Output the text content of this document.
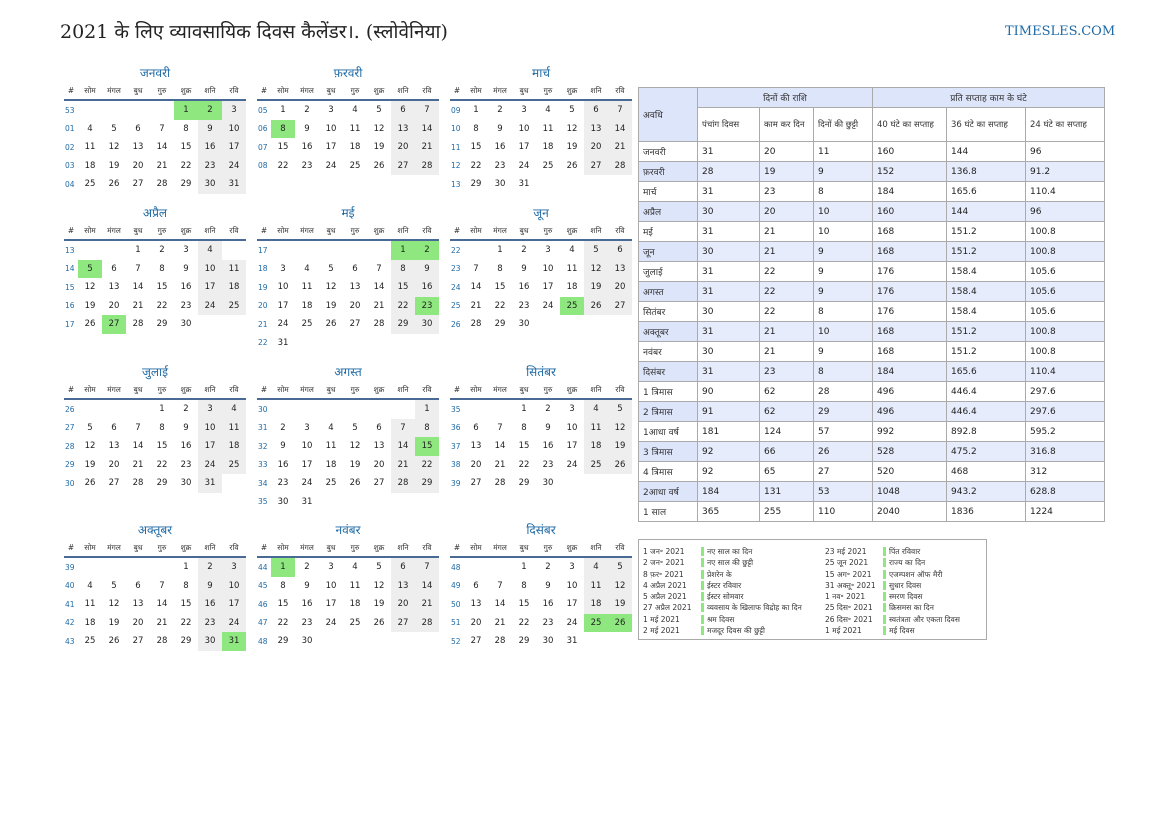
2021 के लिए व्यावसायिक दिवस कैलेंडर।. (स्लोवेनिया)	TIMESLES.COM
जनवरी
#	सोम	मंगल	बुध	गुरु	शुक्र	शनि	रवि
53					1	2	3
01	4	5	6	7	8	9	10
02	11	12	13	14	15	16	17
03	18	19	20	21	22	23	24
04	25	26	27	28	29	30	31
फ़रवरी
#	सोम	मंगल	बुध	गुरु	शुक्र	शनि	रवि
05	1	2	3	4	5	6	7
06	8	9	10	11	12	13	14
07	15	16	17	18	19	20	21
08	22	23	24	25	26	27	28
मार्च
#	सोम	मंगल	बुध	गुरु	शुक्र	शनि	रवि
09	1	2	3	4	5	6	7
10	8	9	10	11	12	13	14
11	15	16	17	18	19	20	21
12	22	23	24	25	26	27	28
13	29	30	31				
अप्रैल
#	सोम	मंगल	बुध	गुरु	शुक्र	शनि	रवि
13			1	2	3	4	
14	5	6	7	8	9	10	11
15	12	13	14	15	16	17	18
16	19	20	21	22	23	24	25
17	26	27	28	29	30		
मई
#	सोम	मंगल	बुध	गुरु	शुक्र	शनि	रवि
17						1	2
18	3	4	5	6	7	8	9
19	10	11	12	13	14	15	16
20	17	18	19	20	21	22	23
21	24	25	26	27	28	29	30
22	31						
जून
#	सोम	मंगल	बुध	गुरु	शुक्र	शनि	रवि
22		1	2	3	4	5	6
23	7	8	9	10	11	12	13
24	14	15	16	17	18	19	20
25	21	22	23	24	25	26	27
26	28	29	30				
जुलाई
#	सोम	मंगल	बुध	गुरु	शुक्र	शनि	रवि
26				1	2	3	4
27	5	6	7	8	9	10	11
28	12	13	14	15	16	17	18
29	19	20	21	22	23	24	25
30	26	27	28	29	30	31	
अगस्त
#	सोम	मंगल	बुध	गुरु	शुक्र	शनि	रवि
30							1
31	2	3	4	5	6	7	8
32	9	10	11	12	13	14	15
33	16	17	18	19	20	21	22
34	23	24	25	26	27	28	29
35	30	31					
सितंबर
#	सोम	मंगल	बुध	गुरु	शुक्र	शनि	रवि
35			1	2	3	4	5
36	6	7	8	9	10	11	12
37	13	14	15	16	17	18	19
38	20	21	22	23	24	25	26
39	27	28	29	30			
अक्तूबर
#	सोम	मंगल	बुध	गुरु	शुक्र	शनि	रवि
39					1	2	3
40	4	5	6	7	8	9	10
41	11	12	13	14	15	16	17
42	18	19	20	21	22	23	24
43	25	26	27	28	29	30	31
नवंबर
#	सोम	मंगल	बुध	गुरु	शुक्र	शनि	रवि
44	1	2	3	4	5	6	7
45	8	9	10	11	12	13	14
46	15	16	17	18	19	20	21
47	22	23	24	25	26	27	28
48	29	30					
दिसंबर
#	सोम	मंगल	बुध	गुरु	शुक्र	शनि	रवि
48			1	2	3	4	5
49	6	7	8	9	10	11	12
50	13	14	15	16	17	18	19
51	20	21	22	23	24	25	26
52	27	28	29	30	31		
अवधि	दिनों की राशि			प्रति सप्ताह काम के घंटे		
	पंचांग दिवस	काम कर दिन	दिनों की छुट्टी	40 घंटे का सप्ताह	36 घंटे का सप्ताह	24 घंटे का सप्ताह
जनवरी	31	20	11	160	144	96
फ़रवरी	28	19	9	152	136.8	91.2
मार्च	31	23	8	184	165.6	110.4
अप्रैल	30	20	10	160	144	96
मई	31	21	10	168	151.2	100.8
जून	30	21	9	168	151.2	100.8
जुलाई	31	22	9	176	158.4	105.6
अगस्त	31	22	9	176	158.4	105.6
सितंबर	30	22	8	176	158.4	105.6
अक्तूबर	31	21	10	168	151.2	100.8
नवंबर	30	21	9	168	151.2	100.8
दिसंबर	31	23	8	184	165.6	110.4
1 त्रिमास	90	62	28	496	446.4	297.6
2 त्रिमास	91	62	29	496	446.4	297.6
1आधा वर्ष	181	124	57	992	892.8	595.2
3 त्रिमास	92	66	26	528	475.2	316.8
4 त्रिमास	92	65	27	520	468	312
2आधा वर्ष	184	131	53	1048	943.2	628.8
1 साल	365	255	110	2040	1836	1224
1 जन॰ 2021	नए साल का दिन
2 जन॰ 2021	नए साल की छुट्टी
8 फ़र॰ 2021	प्रेशरेन के
4 अप्रैल 2021	ईस्टर रविवार
5 अप्रैल 2021	ईस्टर सोमवार
27 अप्रैल 2021 व्यवसाय के खिलाफ विद्रोह का दिन
1 मई 2021	श्रम दिवस
2 मई 2021	मजदूर दिवस की छुट्टी
23 मई 2021	पिंत रविवार
25 जून 2021	राज्य का दिन
15 अग॰ 2021 एजम्पशन ऑफ मैरी
31 अक्तू॰ 2021 सुधार दिवस
1 नव॰ 2021	स्मरण दिवस
25 दिस॰ 2021 क्रिसमस का दिन
26 दिस॰ 2021 स्वतंत्रता और एकता दिवस
1 मई 2021	मई दिवस
